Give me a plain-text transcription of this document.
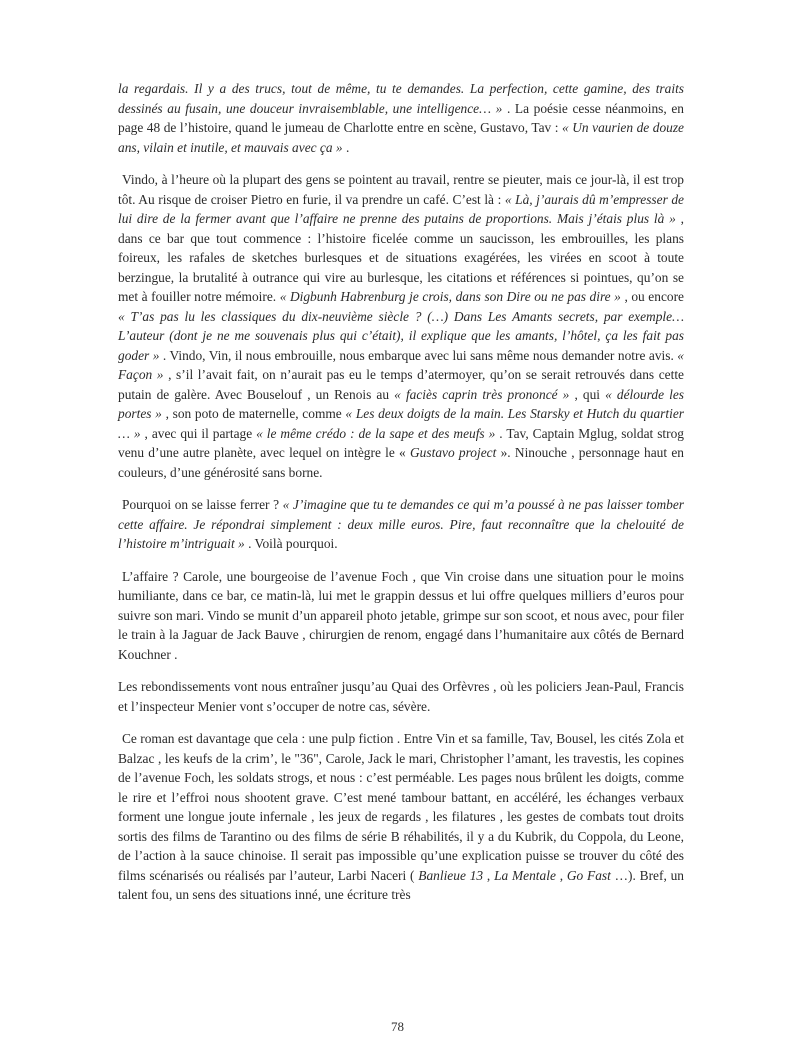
la regardais. Il y a des trucs, tout de même, tu te demandes. La perfection, cette gamine, des traits dessinés au fusain, une douceur invraisemblable, une intelligence… » . La poésie cesse néanmoins, en page 48 de l’histoire, quand le jumeau de Charlotte entre en scène, Gustavo, Tav : « Un vaurien de douze ans, vilain et inutile, et mauvais avec ça » .

Vindo, à l’heure où la plupart des gens se pointent au travail, rentre se pieuter, mais ce jour-là, il est trop tôt. Au risque de croiser Pietro en furie, il va prendre un café. C’est là : « Là, j’aurais dû m’empresser de lui dire de la fermer avant que l’affaire ne prenne des putains de proportions. Mais j’étais plus là » , dans ce bar que tout commence : l’histoire ficelée comme un saucisson, les embrouilles, les plans foireux, les rafales de sketches burlesques et de situations exagérées, les virées en scoot à toute berzingue, la brutalité à outrance qui vire au burlesque, les citations et références si pointues, qu’on se met à fouiller notre mémoire. « Digbunh Habrenburg je crois, dans son Dire ou ne pas dire » , ou encore « T’as pas lu les classiques du dix-neuvième siècle ? (…) Dans Les Amants secrets, par exemple… L’auteur (dont je ne me souvenais plus qui c’était), il explique que les amants, l’hôtel, ça les fait pas goder » . Vindo, Vin, il nous embrouille, nous embarque avec lui sans même nous demander notre avis. « Façon » , s’il l’avait fait, on n’aurait pas eu le temps d’atermoyer, qu’on se serait retrouvés dans cette putain de galère. Avec Bouselouf , un Renois au « faciès caprin très prononcé » , qui « délourde les portes » , son poto de maternelle, comme « Les deux doigts de la main. Les Starsky et Hutch du quartier … » , avec qui il partage « le même crédo : de la sape et des meufs » . Tav, Captain Mglug, soldat strog venu d’une autre planète, avec lequel on intègre le « Gustavo project ». Ninouche , personnage haut en couleurs, d’une générosité sans borne.

Pourquoi on se laisse ferrer ? « J’imagine que tu te demandes ce qui m’a poussé à ne pas laisser tomber cette affaire. Je répondrai simplement : deux mille euros. Pire, faut reconnaître que la chelouité de l’histoire m’intriguait » . Voilà pourquoi.

L’affaire ? Carole, une bourgeoise de l’avenue Foch , que Vin croise dans une situation pour le moins humiliante, dans ce bar, ce matin-là, lui met le grappin dessus et lui offre quelques milliers d’euros pour suivre son mari. Vindo se munit d’un appareil photo jetable, grimpe sur son scoot, et nous avec, pour filer le train à la Jaguar de Jack Bauve , chirurgien de renom, engagé dans l’humanitaire aux côtés de Bernard Kouchner .

Les rebondissements vont nous entraîner jusqu’au Quai des Orfèvres , où les policiers Jean-Paul, Francis et l’inspecteur Menier vont s’occuper de notre cas, sévère.

Ce roman est davantage que cela : une pulp fiction . Entre Vin et sa famille, Tav, Bousel, les cités Zola et Balzac , les keufs de la crim’, le "36", Carole, Jack le mari, Christopher l’amant, les travestis, les copines de l’avenue Foch, les soldats strogs, et nous : c’est perméable. Les pages nous brûlent les doigts, comme le rire et l’effroi nous shootent grave. C’est mené tambour battant, en accéléré, les échanges verbaux forment une longue joute infernale , les jeux de regards , les filatures , les gestes de combats tout droits sortis des films de Tarantino ou des films de série B réhabilités, il y a du Kubrik, du Coppola, du Leone, de l’action à la sauce chinoise. Il serait pas impossible qu’une explication puisse se trouver du côté des films scénarisés ou réalisés par l’auteur, Larbi Naceri ( Banlieue 13 , La Mentale , Go Fast …). Bref, un talent fou, un sens des situations inné, une écriture très

78
